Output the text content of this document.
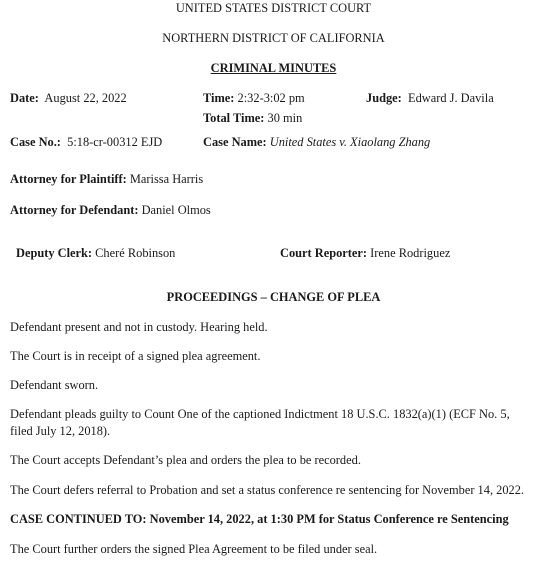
UNITED STATES DISTRICT COURT
NORTHERN DISTRICT OF CALIFORNIA
CRIMINAL MINUTES
Date: August 22, 2022	Time: 2:32-3:02 pm	Judge: Edward J. Davila
Total Time: 30 min
Case No.: 5:18-cr-00312 EJD	Case Name: United States v. Xiaolang Zhang
Attorney for Plaintiff: Marissa Harris
Attorney for Defendant: Daniel Olmos
Deputy Clerk: Cheré Robinson	Court Reporter: Irene Rodriguez
PROCEEDINGS – CHANGE OF PLEA
Defendant present and not in custody. Hearing held.
The Court is in receipt of a signed plea agreement.
Defendant sworn.
Defendant pleads guilty to Count One of the captioned Indictment 18 U.S.C. 1832(a)(1) (ECF No. 5,
filed July 12, 2018).
The Court accepts Defendant’s plea and orders the plea to be recorded.
The Court defers referral to Probation and set a status conference re sentencing for November 14, 2022.
CASE CONTINUED TO: November 14, 2022, at 1:30 PM for Status Conference re Sentencing
The Court further orders the signed Plea Agreement to be filed under seal.
